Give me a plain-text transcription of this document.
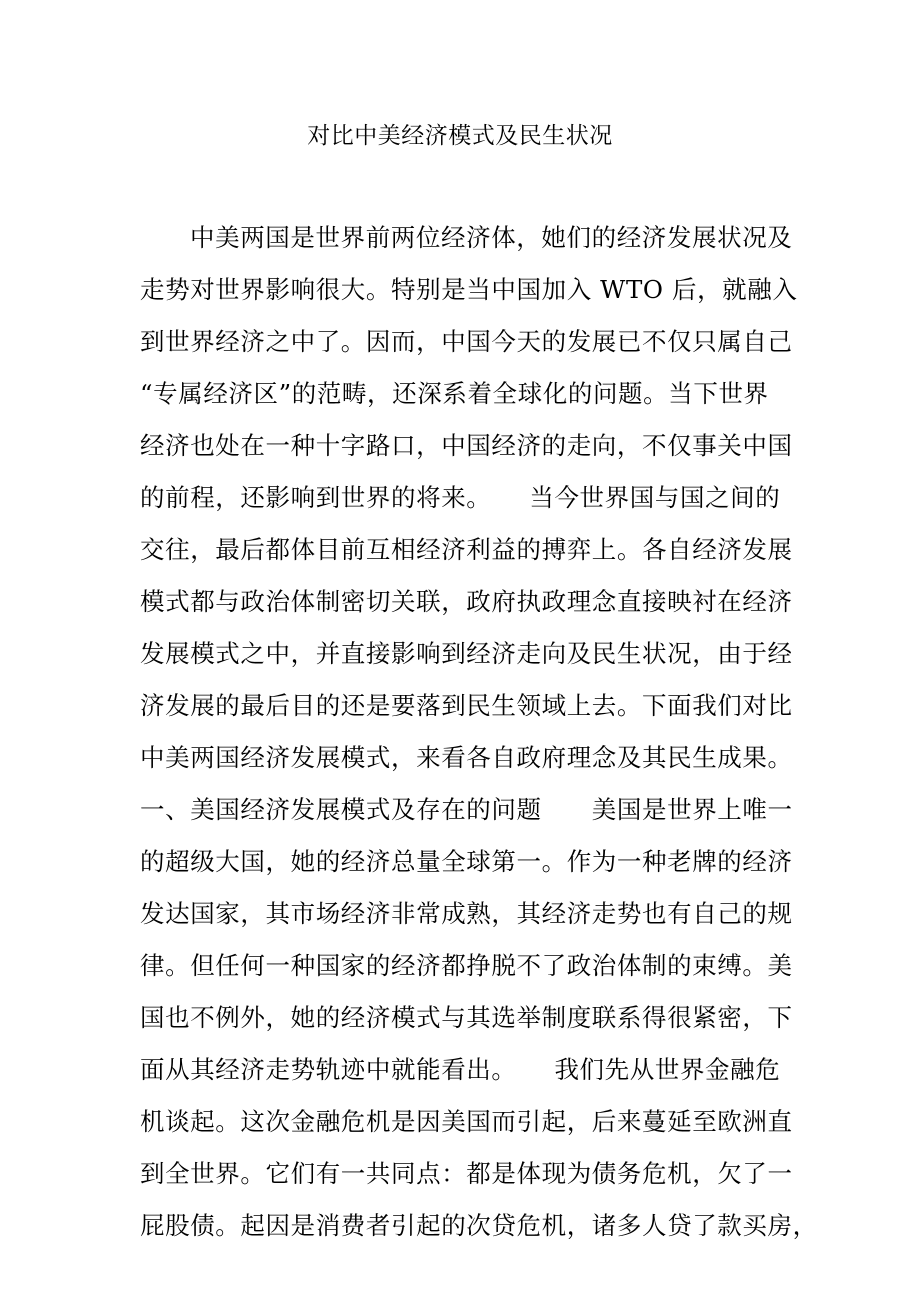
对比中美经济模式及民生状况
中美两国是世界前两位经济体，她们的经济发展状况及
走势对世界影响很大。特别是当中国加入 WTO 后，就融入
到世界经济之中了。因而，中国今天的发展已不仅只属自己
“专属经济区”的范畴，还深系着全球化的问题。当下世界
经济也处在一种十字路口，中国经济的走向，不仅事关中国
的前程，还影响到世界的将来。　　当今世界国与国之间的
交往，最后都体目前互相经济利益的搏弈上。各自经济发展
模式都与政治体制密切关联，政府执政理念直接映衬在经济
发展模式之中，并直接影响到经济走向及民生状况，由于经
济发展的最后目的还是要落到民生领域上去。下面我们对比
中美两国经济发展模式，来看各自政府理念及其民生成果。
一、美国经济发展模式及存在的问题　　美国是世界上唯一
的超级大国，她的经济总量全球第一。作为一种老牌的经济
发达国家，其市场经济非常成熟，其经济走势也有自己的规
律。但任何一种国家的经济都挣脱不了政治体制的束缚。美
国也不例外，她的经济模式与其选举制度联系得很紧密，下
面从其经济走势轨迹中就能看出。　　我们先从世界金融危
机谈起。这次金融危机是因美国而引起，后来蔓延至欧洲直
到全世界。它们有一共同点：都是体现为债务危机，欠了一
屁股债。起因是消费者引起的次贷危机，诸多人贷了款买房，
